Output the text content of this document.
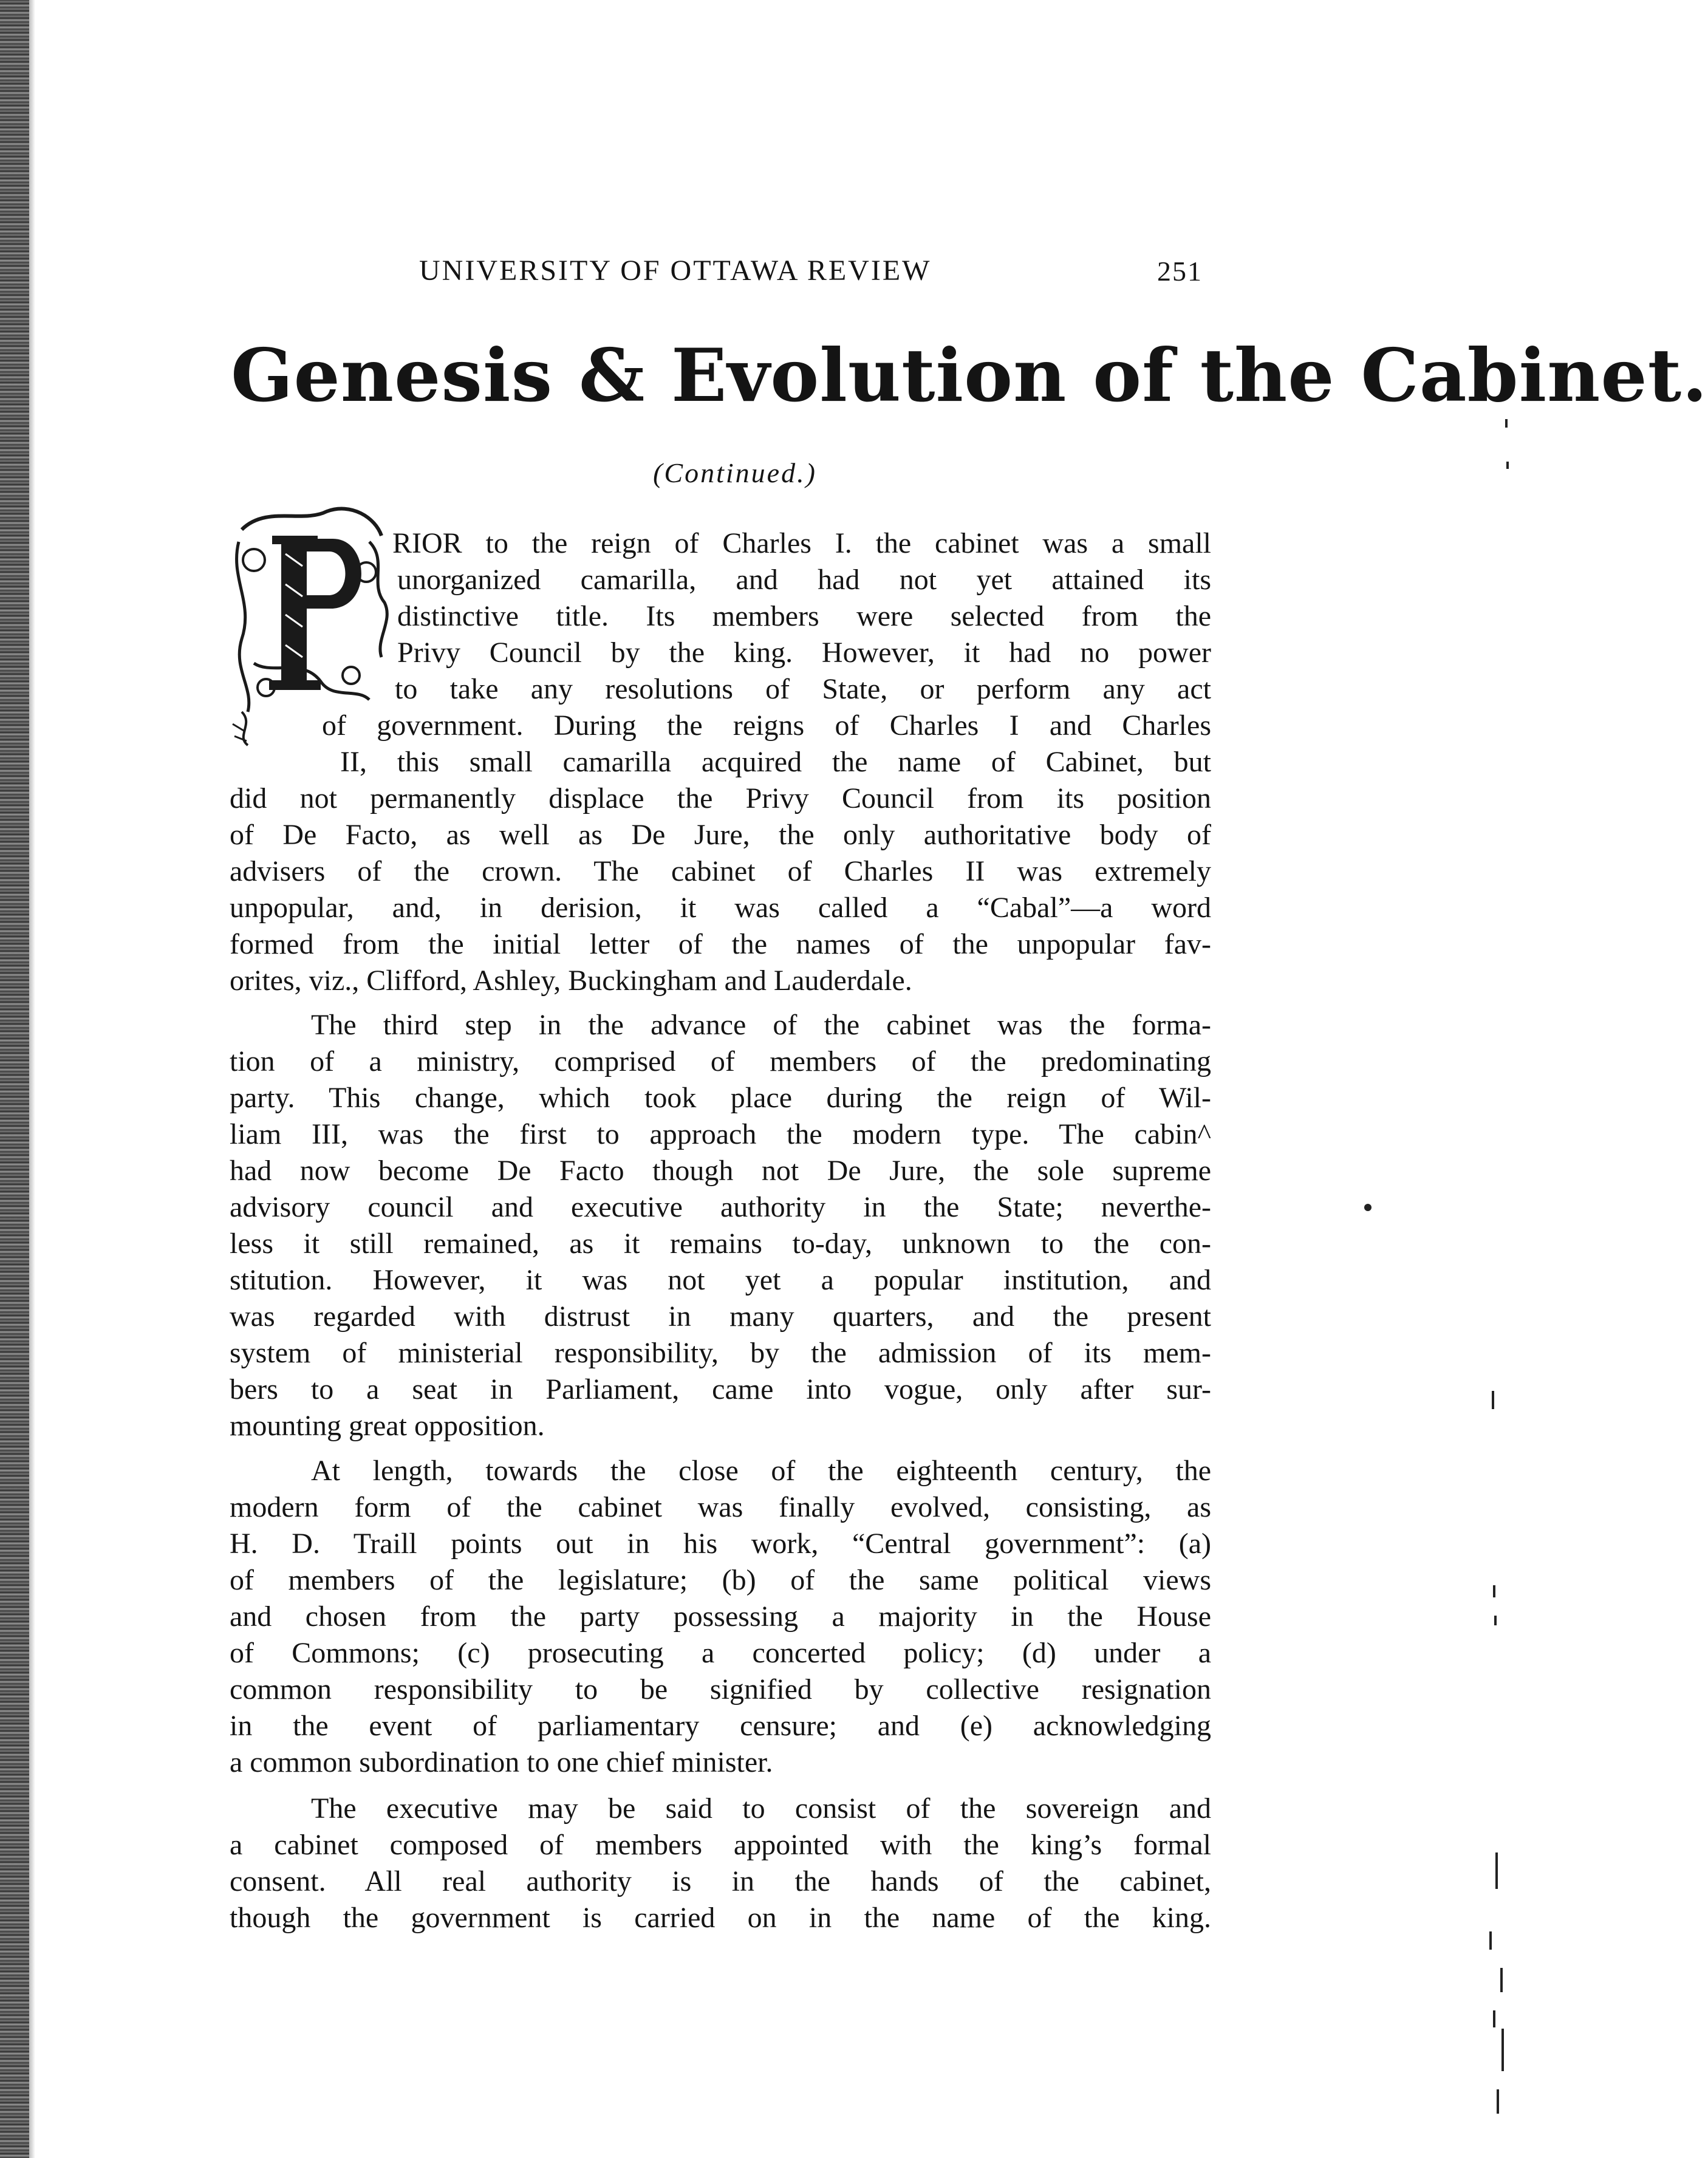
UNIVERSITY OF OTTAWA REVIEW	251
Genesis & Evolution of the Cabinet.
(Continued.)
RIOR to the reign of Charles I. the cabinet was a small
unorganized camarilla, and had not yet attained its
distinctive title. Its members were selected from the
Privy Council by the king. However, it had no power
to take any resolutions of State, or perform any act
of government. During the reigns of Charles I and Charles
II, this small camarilla acquired the name of Cabinet, but
did not permanently displace the Privy Council from its position
of De Facto, as well as De Jure, the only authoritative body of
advisers of the crown. The cabinet of Charles II was extremely
unpopular, and, in derision, it was called a “Cabal”—a word
formed from the initial letter of the names of the unpopular fav-
orites, viz., Clifford, Ashley, Buckingham and Lauderdale.
The third step in the advance of the cabinet was the forma-
tion of a ministry, comprised of members of the predominating
party. This change, which took place during the reign of Wil-
liam III, was the first to approach the modern type. The cabin^
had now become De Facto though not De Jure, the sole supreme
advisory council and executive authority in the State; neverthe-
less it still remained, as it remains to-day, unknown to the con-
stitution. However, it was not yet a popular institution, and
was regarded with distrust in many quarters, and the present
system of ministerial responsibility, by the admission of its mem-
bers to a seat in Parliament, came into vogue, only after sur-
mounting great opposition.
At length, towards the close of the eighteenth century, the
modern form of the cabinet was finally evolved, consisting, as
H. D. Traill points out in his work, “Central government”: (a)
of members of the legislature; (b) of the same political views
and chosen from the party possessing a majority in the House
of Commons; (c) prosecuting a concerted policy; (d) under a
common responsibility to be signified by collective resignation
in the event of parliamentary censure; and (e) acknowledging
a common subordination to one chief minister.
The executive may be said to consist of the sovereign and
a cabinet composed of members appointed with the king’s formal
consent. All real authority is in the hands of the cabinet,
though the government is carried on in the name of the king.
